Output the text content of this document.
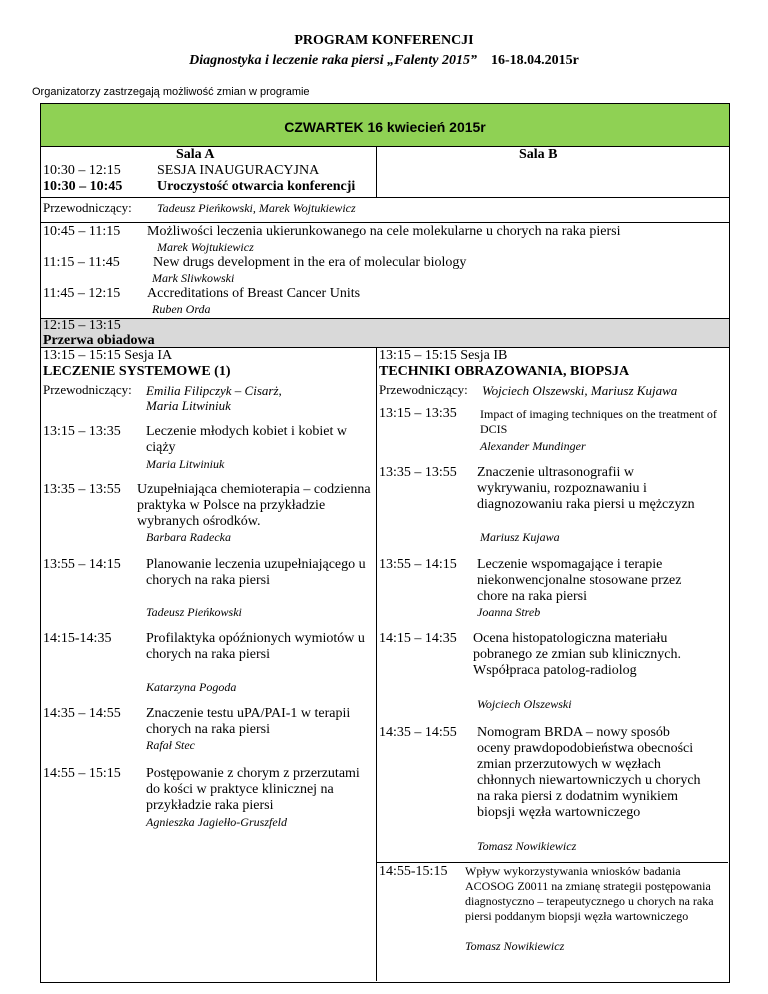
PROGRAM KONFERENCJI
Diagnostyka i leczenie raka piersi „Falenty 2015” 16-18.04.2015r
Organizatorzy zastrzegają możliwość zmian w programie
CZWARTEK 16 kwiecień 2015r
Sala A	Sala B
10:30 – 12:15	SESJA INAUGURACYJNA
10:30 – 10:45 Uroczystość otwarcia konferencji
Przewodniczący: Tadeusz Pieńkowski, Marek Wojtukiewicz
10:45 – 11:15 Możliwości leczenia ukierunkowanego na cele molekularne u chorych na raka piersi
Marek Wojtukiewicz
11:15 – 11:45 New drugs development in the era of molecular biology
Mark Sliwkowski
11:45 – 12:15 Accreditations of Breast Cancer Units
Ruben Orda
12:15 – 13:15
Przerwa obiadowa
13:15 – 15:15 Sesja IA
LECZENIE SYSTEMOWE (1)
Przewodniczący: Emilia Filipczyk – Cisarż,
Maria Litwiniuk
13:15 – 13:35 Leczenie młodych kobiet i kobiet w ciąży
Maria Litwiniuk
13:35 – 13:55 Uzupełniająca chemioterapia – codzienna praktyka w Polsce na przykładzie wybranych ośrodków.
Barbara Radecka
13:55 – 14:15 Planowanie leczenia uzupełniającego u chorych na raka piersi
Tadeusz Pieńkowski
14:15-14:35 Profilaktyka opóźnionych wymiotów u chorych na raka piersi
Katarzyna Pogoda
14:35 – 14:55 Znaczenie testu uPA/PAI-1 w terapii chorych na raka piersi
Rafał Stec
14:55 – 15:15 Postępowanie z chorym z przerzutami do kości w praktyce klinicznej na przykładzie raka piersi
Agnieszka Jagiełło-Gruszfeld
13:15 – 15:15 Sesja IB
TECHNIKI OBRAZOWANIA, BIOPSJA
Przewodniczący: Wojciech Olszewski, Mariusz Kujawa
13:15 – 13:35 Impact of imaging techniques on the treatment of DCIS
Alexander Mundinger
13:35 – 13:55 Znaczenie ultrasonografii w wykrywaniu, rozpoznawaniu i diagnozowaniu raka piersi u mężczyzn
Mariusz Kujawa
13:55 – 14:15 Leczenie wspomagające i terapie niekonwencjonalne stosowane przez chore na raka piersi
Joanna Streb
14:15 – 14:35 Ocena histopatologiczna materiału pobranego ze zmian sub klinicznych. Współpraca patolog-radiolog
Wojciech Olszewski
14:35 – 14:55 Nomogram BRDA – nowy sposób oceny prawdopodobieństwa obecności zmian przerzutowych w węzłach chłonnych niewartowniczych u chorych na raka piersi z dodatnim wynikiem biopsji węzła wartowniczego
Tomasz Nowikiewicz
14:55-15:15 Wpływ wykorzystywania wniosków badania ACOSOG Z0011 na zmianę strategii postępowania diagnostyczno – terapeutycznego u chorych na raka piersi poddanym biopsji węzła wartowniczego
Tomasz Nowikiewicz
